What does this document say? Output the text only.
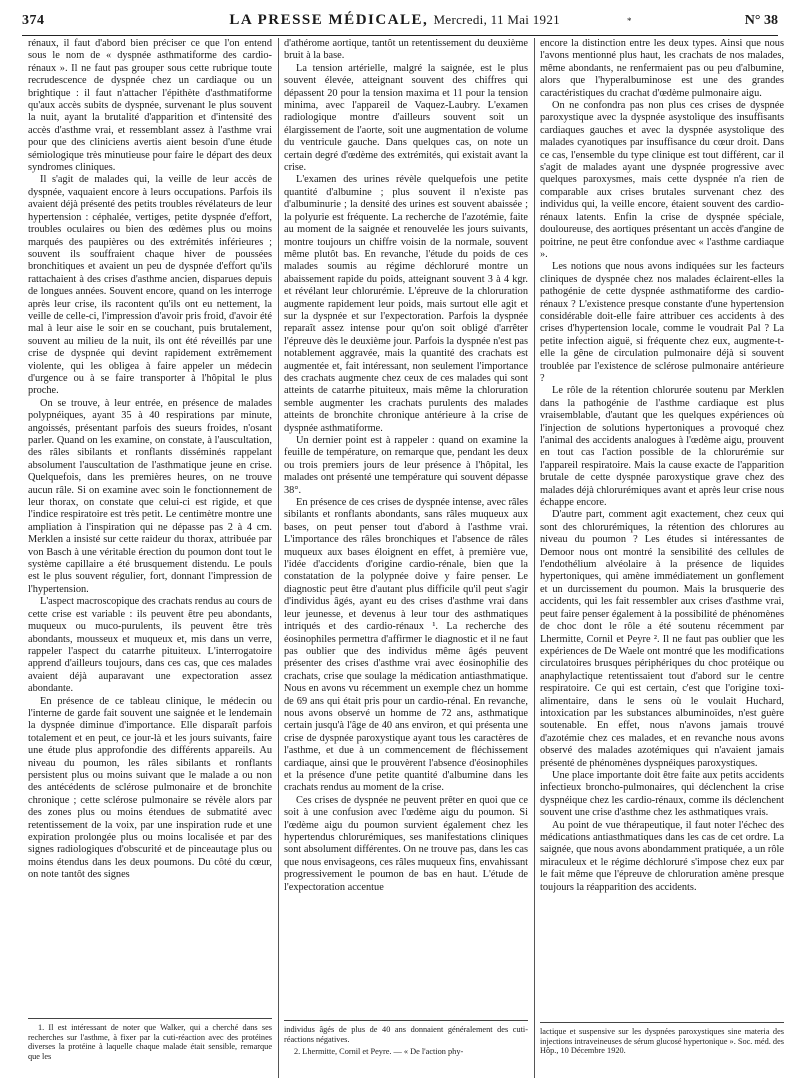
374	LA PRESSE MÉDICALE, Mercredi, 11 Mai 1921	N° 38
*

rénaux, il faut d'abord bien préciser ce que l'on entend sous le nom de « dyspnée asthmatiforme des cardio-rénaux ». Il ne faut pas grouper sous cette rubrique toute recrudescence de dyspnée chez un cardiaque ou un brightique : il faut n'attacher l'épithète d'asthmatiforme qu'aux accès subits de dyspnée, survenant le plus souvent la nuit, ayant la brutalité d'apparition et d'intensité des accès d'asthme vrai, et ressemblant assez à l'asthme vrai pour que des cliniciens avertis aient besoin d'une étude sémiologique très minutieuse pour faire le départ des deux syndromes cliniques.

Il s'agit de malades qui, la veille de leur accès de dyspnée, vaquaient encore à leurs occupations. Parfois ils avaient déjà présenté des petits troubles révélateurs de leur hypertension : céphalée, vertiges, petite dyspnée d'effort, troubles oculaires ou bien des œdèmes plus ou moins marqués des paupières ou des extrémités inférieures ; souvent ils souffraient chaque hiver de poussées bronchitiques et avaient un peu de dyspnée d'effort qu'ils rattachaient à des crises d'asthme ancien, disparues depuis de longues années. Souvent encore, quand on les interroge après leur crise, ils racontent qu'ils ont eu nettement, la veille de celle-ci, l'impression d'avoir pris froid, d'avoir été mal à leur aise le soir en se couchant, puis brutalement, souvent au milieu de la nuit, ils ont été réveillés par une crise de dyspnée qui devint rapidement extrêmement violente, qui les obligea à faire appeler un médecin d'urgence ou à se faire transporter à l'hôpital le plus proche.

On se trouve, à leur entrée, en présence de malades polypnéiques, ayant 35 à 40 respirations par minute, angoissés, présentant parfois des sueurs froides, n'osant parler. Quand on les examine, on constate, à l'auscultation, des râles sibilants et ronflants disséminés rappelant absolument l'auscultation de l'asthmatique jeune en crise. Quelquefois, dans les premières heures, on ne trouve aucun râle. Si on examine avec soin le fonctionnement de leur thorax, on constate que celui-ci est rigide, et que l'indice respiratoire est très petit. Le centimètre montre une ampliation à l'inspiration qui ne dépasse pas 2 à 4 cm. Merklen a insisté sur cette raideur du thorax, attribuée par von Basch à une véritable érection du poumon dont tout le système capillaire a été brusquement distendu. Le pouls est le plus souvent régulier, fort, donnant l'impression de l'hypertension.

L'aspect macroscopique des crachats rendus au cours de cette crise est variable : ils peuvent être peu abondants, muqueux ou muco-purulents, ils peuvent être très abondants, mousseux et muqueux et, mis dans un verre, rappeler l'aspect du catarrhe pituiteux. L'interrogatoire apprend d'ailleurs toujours, dans ces cas, que ces malades avaient déjà auparavant une expectoration assez abondante.

En présence de ce tableau clinique, le médecin ou l'interne de garde fait souvent une saignée et le lendemain la dyspnée diminue d'importance. Elle disparaît parfois totalement et en peut, ce jour-là et les jours suivants, faire une étude plus approfondie des différents appareils. Au niveau du poumon, les râles sibilants et ronflants persistent plus ou moins suivant que le malade a ou non des antécédents de sclérose pulmonaire et de bronchite chronique ; cette sclérose pulmonaire se révèle alors par des zones plus ou moins étendues de submatité avec retentissement de la voix, par une inspiration rude et une expiration prolongée plus ou moins localisée et par des signes radiologiques d'obscurité et de pinceautage plus ou moins étendus dans les deux poumons. Du côté du cœur, on note tantôt des signes

1. Il est intéressant de noter que Walker, qui a cherché dans ses recherches sur l'asthme, à fixer par la cuti-réaction avec des protéines diverses la protéine à laquelle chaque malade était sensible, remarque que les

d'athérome aortique, tantôt un retentissement du deuxième bruit à la base.

La tension artérielle, malgré la saignée, est le plus souvent élevée, atteignant souvent des chiffres qui dépassent 20 pour la tension maxima et 11 pour la tension minima, avec l'appareil de Vaquez-Laubry. L'examen radiologique montre d'ailleurs souvent soit un élargissement de l'aorte, soit une augmentation de volume du ventricule gauche. Dans quelques cas, on note un certain degré d'œdème des extrémités, qui existait avant la crise.

L'examen des urines révèle quelquefois une petite quantité d'albumine ; plus souvent il n'existe pas d'albuminurie ; la densité des urines est souvent abaissée ; la polyurie est fréquente. La recherche de l'azotémie, faite au moment de la saignée et renouvelée les jours suivants, montre toujours un chiffre voisin de la normale, souvent même plutôt bas. En revanche, l'étude du poids de ces malades soumis au régime déchloruré montre un abaissement rapide du poids, atteignant souvent 3 à 4 kgr. et révélant leur chlorurémie. L'épreuve de la chloruration augmente rapidement leur poids, mais surtout elle agit et sur la dyspnée et sur l'expectoration. Parfois la dyspnée reparaît assez intense pour qu'on soit obligé d'arrêter l'épreuve dès le deuxième jour. Parfois la dyspnée n'est pas notablement aggravée, mais la quantité des crachats est augmentée et, fait intéressant, non seulement l'importance des crachats augmente chez ceux de ces malades qui sont atteints de catarrhe pituiteux, mais même la chloruration semble augmenter les crachats purulents des malades atteints de bronchite chronique antérieure à la crise de dyspnée asthmatiforme.

Un dernier point est à rappeler : quand on examine la feuille de température, on remarque que, pendant les deux ou trois premiers jours de leur présence à l'hôpital, les malades ont présenté une température qui souvent dépasse 38°.

En présence de ces crises de dyspnée intense, avec râles sibilants et ronflants abondants, sans râles muqueux aux bases, on peut penser tout d'abord à l'asthme vrai. L'importance des râles bronchiques et l'absence de râles muqueux aux bases éloignent en effet, à première vue, l'idée d'accidents d'origine cardio-rénale, bien que la constatation de la polypnée doive y faire penser. Le diagnostic peut être d'autant plus difficile qu'il peut s'agir d'individus âgés, ayant eu des crises d'asthme vrai dans leur jeunesse, et devenus à leur tour des asthmatiques intriqués et des cardio-rénaux ¹. La recherche des éosinophiles permettra d'affirmer le diagnostic et il ne faut pas oublier que des individus même âgés peuvent présenter des crises d'asthme vrai avec éosinophilie des crachats, crise que soulage la médication antiasthmatique. Nous en avons vu récemment un exemple chez un homme de 69 ans qui était pris pour un cardio-rénal. En revanche, nous avons observé un homme de 72 ans, asthmatique certain jusqu'à l'âge de 40 ans environ, et qui présenta une crise de dyspnée paroxystique ayant tous les caractères de l'asthme, et due à un commencement de fléchissement cardiaque, ainsi que le prouvèrent l'absence d'éosinophiles et la présence d'une petite quantité d'albumine dans les crachats rendus au moment de la crise.

Ces crises de dyspnée ne peuvent prêter en quoi que ce soit à une confusion avec l'œdème aigu du poumon. Si l'œdème aigu du poumon survient également chez les hypertendus chlorurémiques, ses manifestations cliniques sont absolument différentes. On ne trouve pas, dans les cas que nous envisageons, ces râles muqueux fins, envahissant progressivement le poumon de bas en haut. L'étude de l'expectoration accentue

individus âgés de plus de 40 ans donnaient généralement des cuti-réactions négatives.

2. Lhermitte, Cornil et Peyre. — « De l'action phy-

encore la distinction entre les deux types. Ainsi que nous l'avons mentionné plus haut, les crachats de nos malades, même abondants, ne renfermaient pas ou peu d'albumine, alors que l'hyperalbuminose est une des grandes caractéristiques du crachat d'œdème pulmonaire aigu.

On ne confondra pas non plus ces crises de dyspnée paroxystique avec la dyspnée asystolique des insuffisants cardiaques gauches et avec la dyspnée asystolique des malades cyanotiques par insuffisance du cœur droit. Dans ce cas, l'ensemble du type clinique est tout différent, car il s'agit de malades ayant une dyspnée progressive avec quelques paroxysmes, mais cette dyspnée n'a rien de comparable aux crises brutales survenant chez des individus qui, la veille encore, étaient souvent des cardio-rénaux latents. Enfin la crise de dyspnée spéciale, douloureuse, des aortiques présentant un accès d'angine de poitrine, ne peut être confondue avec « l'asthme cardiaque ».

Les notions que nous avons indiquées sur les facteurs cliniques de dyspnée chez nos malades éclairent-elles la pathogénie de cette dyspnée asthmatiforme des cardio-rénaux ? L'existence presque constante d'une hypertension considérable doit-elle faire attribuer ces accidents à des crises d'hypertension locale, comme le voudrait Pal ? La petite infection aiguë, si fréquente chez eux, augmente-t-elle la gêne de circulation pulmonaire déjà si souvent troublée par l'existence de sclérose pulmonaire antérieure ?

Le rôle de la rétention chlorurée soutenu par Merklen dans la pathogénie de l'asthme cardiaque est plus vraisemblable, d'autant que les quelques expériences où l'injection de solutions hypertoniques a provoqué chez l'animal des accidents analogues à l'œdème aigu, prouvent en tout cas l'action possible de la chlorurémie sur l'appareil respiratoire. Mais la cause exacte de l'apparition brutale de cette dyspnée paroxystique grave chez des malades déjà chlorurémiques avant et après leur crise nous échappe encore.

D'autre part, comment agit exactement, chez ceux qui sont des chlorurémiques, la rétention des chlorures au niveau du poumon ? Les études si intéressantes de Demoor nous ont montré la sensibilité des cellules de l'endothélium alvéolaire à la présence de liquides hypertoniques, qui amène immédiatement un gonflement et un durcissement du poumon. Mais la brusquerie des accidents, qui les fait ressembler aux crises d'asthme vrai, peut faire penser également à la possibilité de phénomènes de choc dont le rôle a été soutenu récemment par Lhermitte, Cornil et Peyre ². Il ne faut pas oublier que les expériences de De Waele ont montré que les modifications circulatoires brusques périphériques du choc protéique ou anaphylactique retentissaient tout d'abord sur le centre respiratoire. Ce qui est certain, c'est que l'origine toxi-alimentaire, dans le sens où le voulait Huchard, intoxication par les substances albuminoïdes, n'est guère soutenable. En effet, nous n'avons jamais trouvé d'azotémie chez ces malades, et en revanche nous avons observé des malades azotémiques qui n'avaient jamais présenté de phénomènes dyspnéiques paroxystiques.

Une place importante doit être faite aux petits accidents infectieux broncho-pulmonaires, qui déclenchent la crise dyspnéique chez les cardio-rénaux, comme ils déclenchent souvent une crise d'asthme chez les asthmatiques vrais.

Au point de vue thérapeutique, il faut noter l'échec des médications antiasthmatiques dans les cas de cet ordre. La saignée, que nous avons abondamment pratiquée, a un rôle miraculeux et le régime déchloruré s'impose chez eux par le fait même que l'épreuve de chloruration amène presque toujours la réapparition des accidents.

lactique et suspensive sur les dyspnées paroxystiques sine materia des injections intraveineuses de sérum glucosé hypertonique ». Soc. méd. des Hôp., 10 Décembre 1920.
